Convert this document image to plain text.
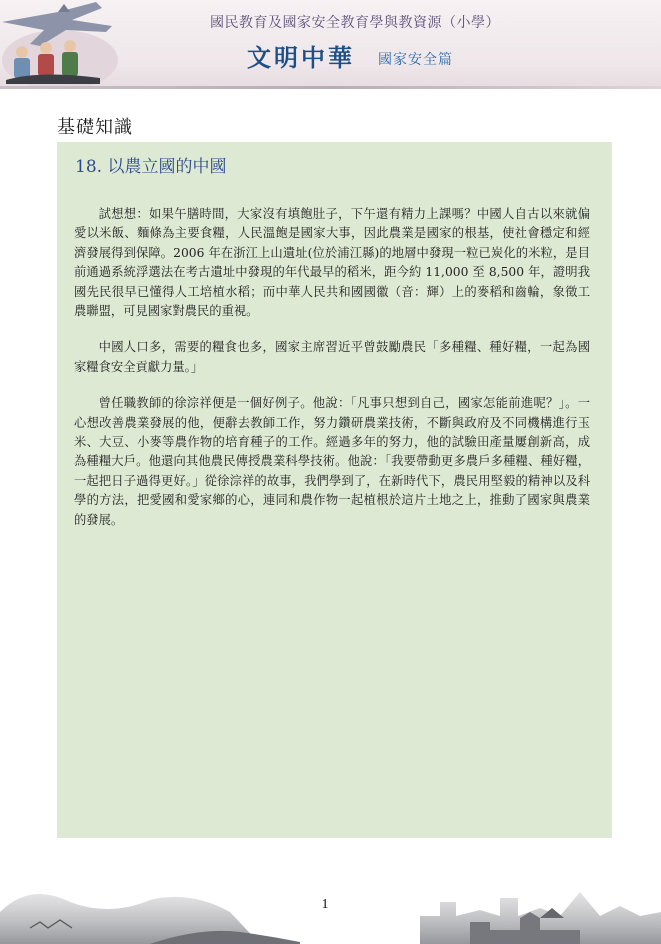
國民教育及國家安全教育學與教資源（小學）
文明中華 國家安全篇
基礎知識
18. 以農立國的中國

試想想：如果午膳時間，大家沒有填飽肚子，下午還有精力上課嗎？中國人自古以來就偏愛以米飯、麵條為主要食糧，人民溫飽是國家大事，因此農業是國家的根基，使社會穩定和經濟發展得到保障。2006 年在浙江上山遺址(位於浦江縣)的地層中發現一粒已炭化的米粒，是目前通過系統浮選法在考古遺址中發現的年代最早的稻米，距今約 11,000 至 8,500 年，證明我國先民很早已懂得人工培植水稻；而中華人民共和國國徽（音：輝）上的麥稻和齒輪，象徵工農聯盟，可見國家對農民的重視。

中國人口多，需要的糧食也多，國家主席習近平曾鼓勵農民「多種糧、種好糧，一起為國家糧食安全貢獻力量。」

曾任職教師的徐淙祥便是一個好例子。他說：「凡事只想到自己，國家怎能前進呢？」。一心想改善農業發展的他，便辭去教師工作，努力鑽研農業技術，不斷與政府及不同機構進行玉米、大豆、小麥等農作物的培育種子的工作。經過多年的努力，他的試驗田產量屢創新高，成為種糧大戶。他還向其他農民傳授農業科學技術。他說：「我要帶動更多農戶多種糧、種好糧，一起把日子過得更好。」從徐淙祥的故事，我們學到了，在新時代下，農民用堅毅的精神以及科學的方法，把愛國和愛家鄉的心，連同和農作物一起植根於這片土地之上，推動了國家與農業的發展。

1
